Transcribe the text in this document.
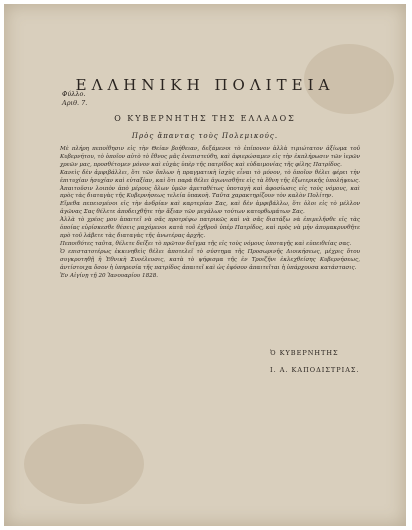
ΕΛΛΗΝΙΚΗ ΠΟΛΙΤΕΙΑ
Φύλλο.
Αριθ. 7.
Ο ΚΥΒΕΡΝΗΤΗΣ ΤΗΣ ΕΛΛΑΔΟΣ
Πρὸς ἅπαντας τοὺς Πολεμικούς.

Μὲ πλήρη πεποίθησιν εἰς τὴν Θείαν βοήθειαν, δεξάμενοι τὸ ἐπίπονον ἀλλὰ τιμιώτατον ἀξίωμα τοῦ Κυβερνήτου, τὸ ὁποῖον αὐτὸ τὸ ἔθνος μᾶς ἐνεπιστεύθη, καὶ ἀφιερώσαμεν εἰς τὴν ἐκπλήρωσιν τῶν ἱερῶν χρεῶν μας, προσθέτομεν μόνον καὶ εὐχὰς ὑπὲρ τῆς πατρίδος καὶ εὐδαιμονίας τῆς φίλης Πατρίδος.

Κανεὶς δὲν ἀμφιβάλλει, ὅτι τῶν ὅπλων ἡ πραγματικὴ ἰσχὺς εἶναι τὸ μόνον, τὸ ὁποῖον θέλει φέρει τὴν ἐπιτυχίαν ἡσυχίαν καὶ εὐταξίαν, καὶ ὅτι παρὰ θέλει ἀγωνισθῆτε εἰς τὰ ἔθνη τῆς ἐξωτερικῆς ὑπολήψεως. Ἀπαιτοῦσιν λοιπὸν ἀπὸ μέρους ὅλων ὑμῶν ἀμεταθέτως ὑποταγὴ καὶ ἀφοσίωσις εἰς τοὺς νόμους, καὶ πρὸς τὰς διαταγὰς τῆς Κυβερνήσεως τελεία ὑπακοὴ. Ταῦτα χαρακτηρίζουν τὸν καλὸν Πολίτην.

Εἴμεθα πεπεισμένοι εἰς τὴν ἀνδρίαν καὶ καρτερίαν Σας, καὶ δὲν ἀμφιβάλλω, ὅτι ὁλοι εἰς τὸ μέλλον ἀγῶνας Σας θέλετε ἀποδειχθῆτε τὴν ἄξιαν τῶν μεγάλων τούτων κατορθωμάτων Σας.

Ἀλλὰ τὸ χρέος μου ἀπαιτεῖ νὰ σᾶς προτρέψω πατρικῶς καὶ νὰ σᾶς διατάξω νὰ ἐπιμελῆσθε εἰς τὰς ὁποίας εὑρίσκεσθε θέσεις μαχόμενοι κατὰ τοῦ ἐχθροῦ ὑπὲρ Πατρίδος, καὶ πρὸς νὰ μὴν ἀπομακρυνθῆτε πρὸ τοῦ λάβετε τὰς διαταγὰς τῆς ἀνωτέρας ἀρχῆς.

Πεποιθότες ταῦτα, θέλετε δείξει τὸ πρῶτον δεῖγμα τῆς εἰς τοὺς νόμους ὑποταγῆς καὶ εὐπειθείας σας.

Ὁ επιστατοτέρως ἐκκινηθεὶς θέλει ἀποτελεῖ τὸ σύστημα τῆς Προσωρινῆς Διοικήσεως, μέχρις ὅτου συγκροτηθῇ ἡ Ἐθνικὴ Συνέλευσις, κατὰ τὸ ψήφισμα τῆς ἐν Τροιζῆνι ἐκλεχθείσης Κυβερνήσεως, ἀντίστοιχα ὅσον ἡ ὑπηρεσία τῆς πατρίδος ἀπαιτεῖ καὶ ὡς ἐφόσον ἀπαιτεῖται ἡ ὑπάρχουσα κατάστασις.

Ἐν Αἰγίνῃ τῇ 20 Ἰανουαρίου 1828.

Ὁ ΚΥΒΕΡΝΗΤΗΣ
Ι. Α. ΚΑΠΟΔΙΣΤΡΙΑΣ.
